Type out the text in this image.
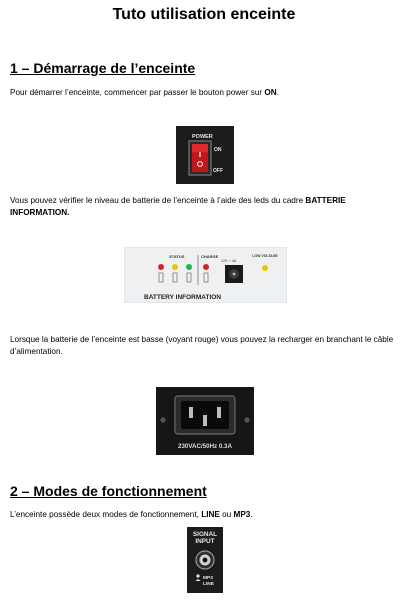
Tuto utilisation enceinte
1 – Démarrage de l’enceinte

Pour démarrer l’enceinte, commencer par passer le bouton power sur ON.

POWER
ON
OFF

Vous pouvez vérifier le niveau de batterie de l’enceinte à l’aide des leds du cadre BATTERIE INFORMATION.

STATUS	CHARGE
12V ⎓ 4A
LOW VOLTAGE
BATTERY INFORMATION

Lorsque la batterie de l’enceinte est basse (voyant rouge) vous pouvez la recharger en branchant le câble d’alimentation.

230VAC/50Hz 0.3A
2 – Modes de fonctionnement

L’enceinte possède deux modes de fonctionnement, LINE ou MP3.

SIGNAL
INPUT
MP3
LINE
